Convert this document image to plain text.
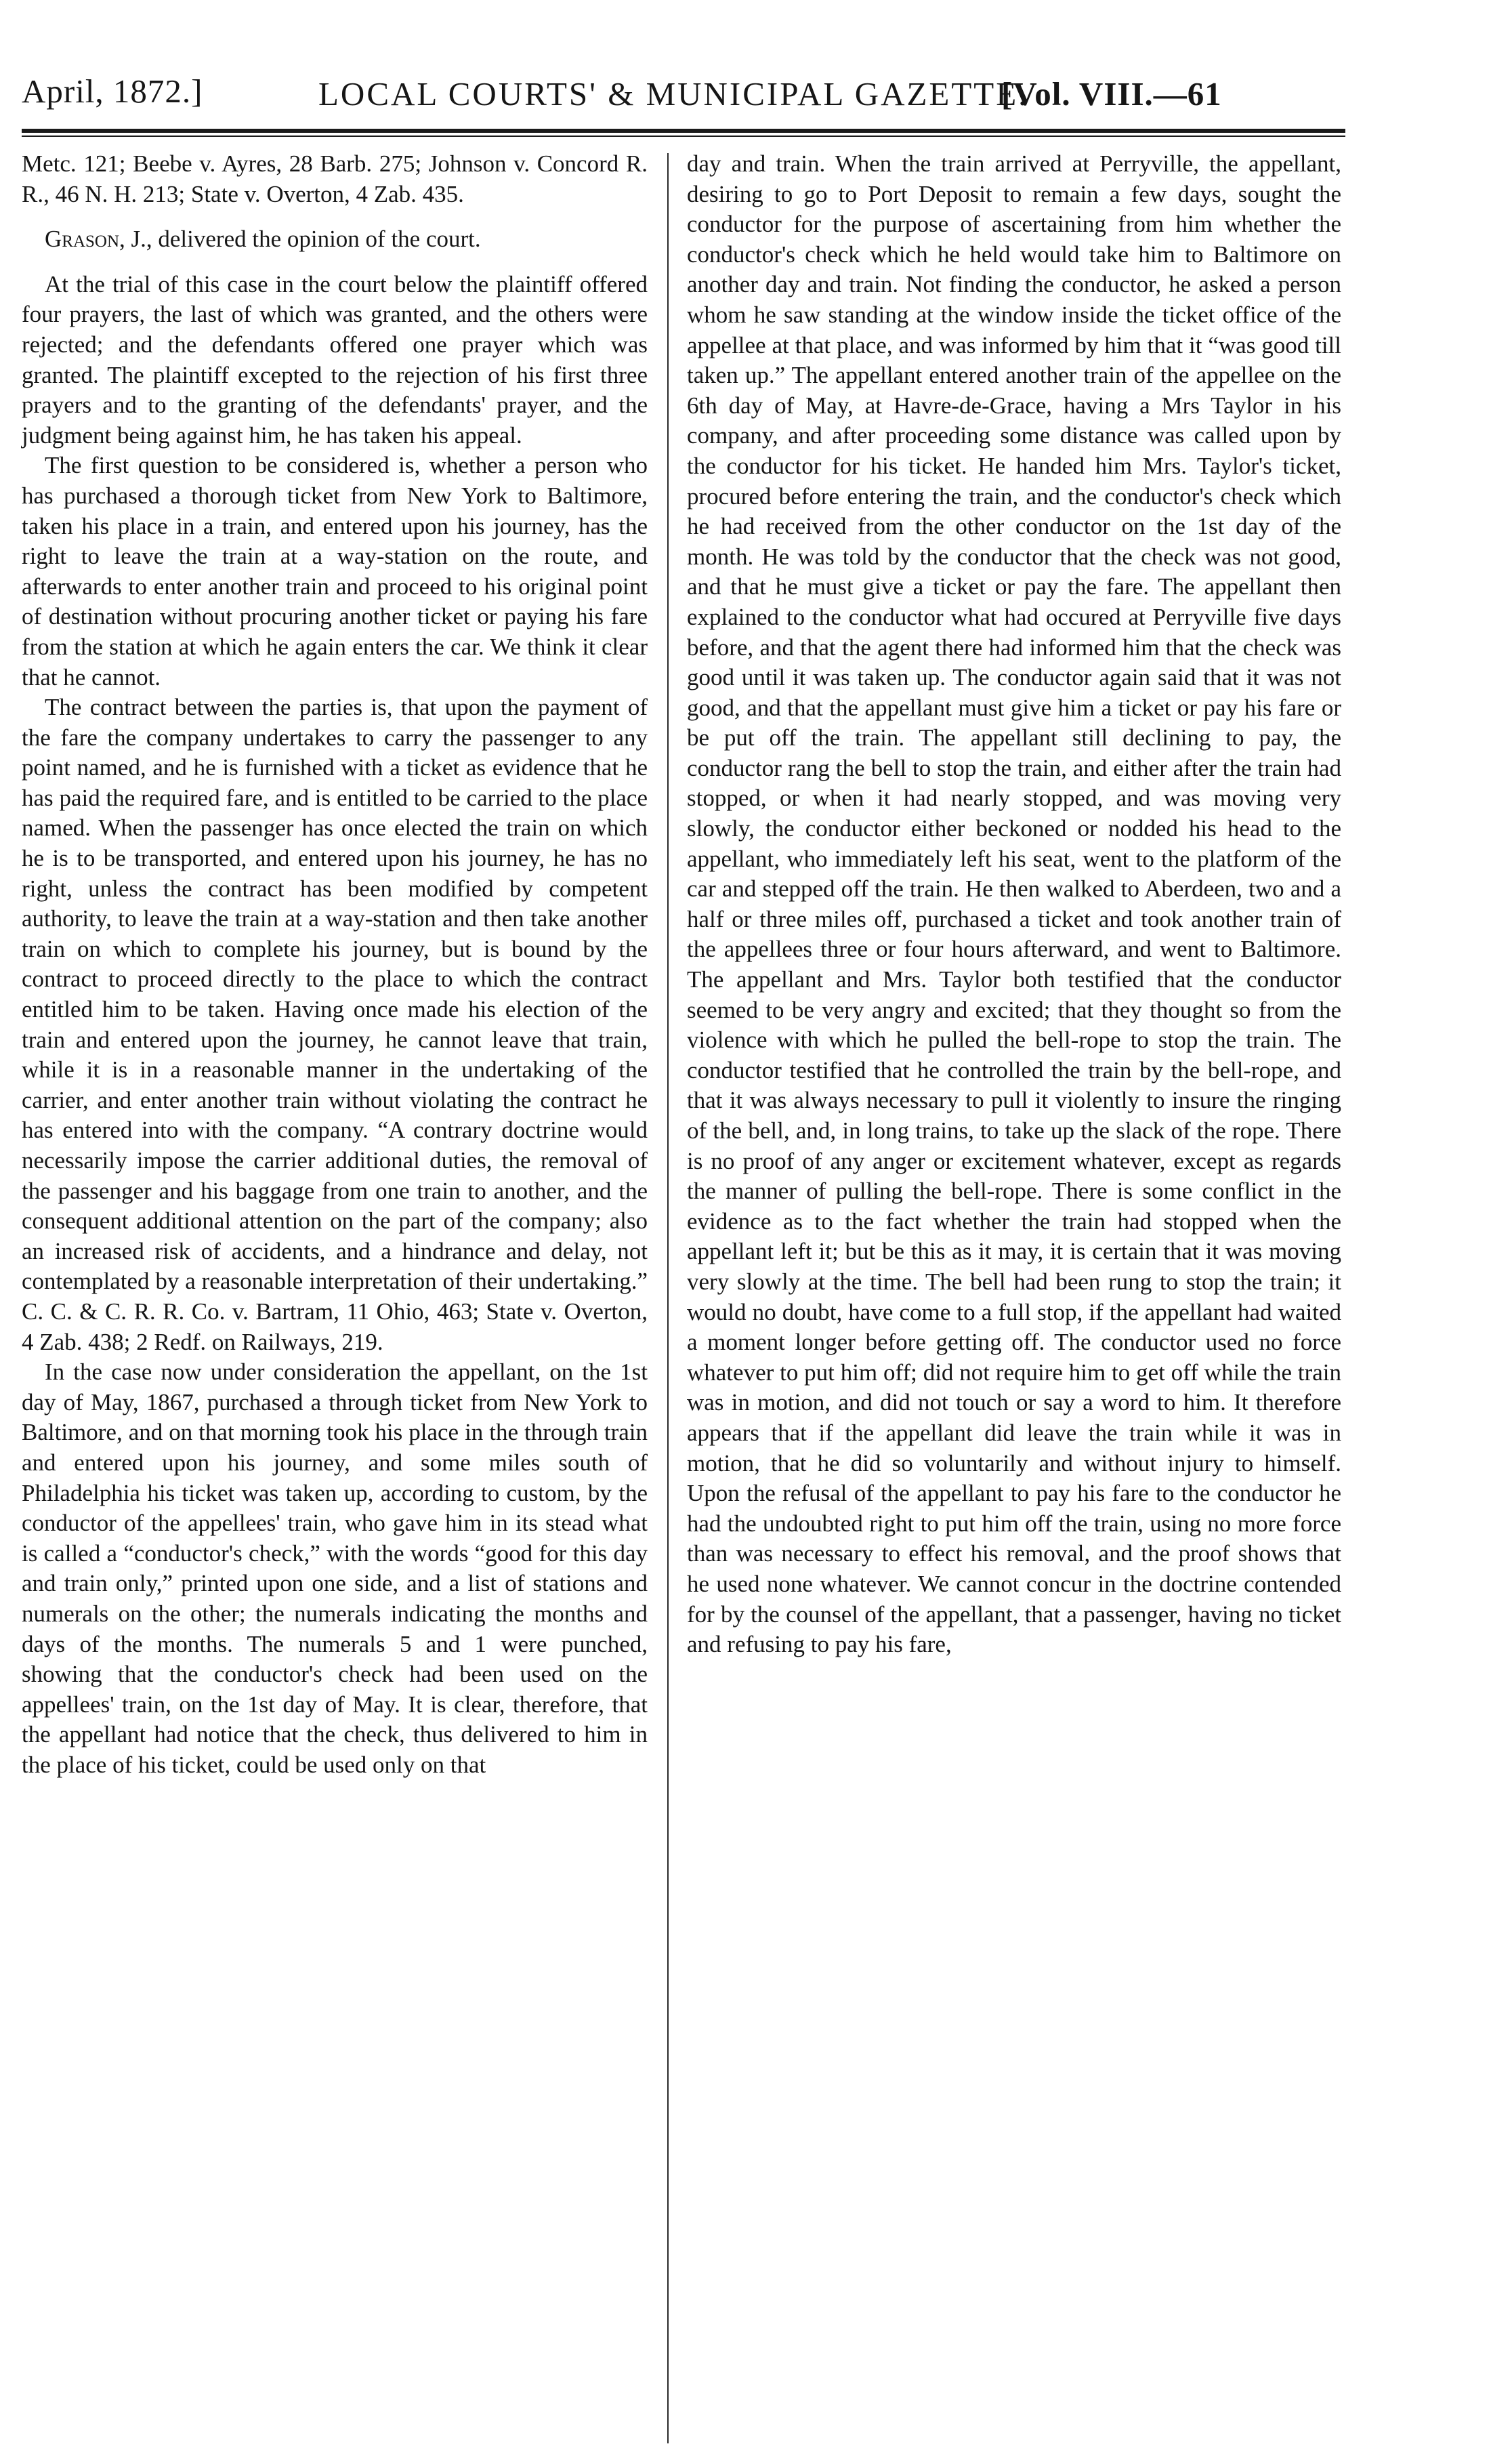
April, 1872.]	LOCAL COURTS' & MUNICIPAL GAZETTE.
[Vol. VIII.—61

Metc. 121; Beebe v. Ayres, 28 Barb. 275; Johnson v. Concord R. R., 46 N. H. 213; State v. Overton, 4 Zab. 435.

Grason, J., delivered the opinion of the court.

At the trial of this case in the court below the plaintiff offered four prayers, the last of which was granted, and the others were rejected; and the defendants offered one prayer which was granted. The plaintiff excepted to the rejection of his first three prayers and to the granting of the defendants' prayer, and the judgment being against him, he has taken his appeal.

The first question to be considered is, whether a person who has purchased a thorough ticket from New York to Baltimore, taken his place in a train, and entered upon his journey, has the right to leave the train at a way-station on the route, and afterwards to enter another train and proceed to his original point of destination without procuring another ticket or paying his fare from the station at which he again enters the car. We think it clear that he cannot.

The contract between the parties is, that upon the payment of the fare the company undertakes to carry the passenger to any point named, and he is furnished with a ticket as evidence that he has paid the required fare, and is entitled to be carried to the place named. When the passenger has once elected the train on which he is to be transported, and entered upon his journey, he has no right, unless the contract has been modified by competent authority, to leave the train at a way-station and then take another train on which to complete his journey, but is bound by the contract to proceed directly to the place to which the contract entitled him to be taken. Having once made his election of the train and entered upon the journey, he cannot leave that train, while it is in a reasonable manner in the undertaking of the carrier, and enter another train without violating the contract he has entered into with the company. “A contrary doctrine would necessarily impose the carrier additional duties, the removal of the passenger and his baggage from one train to another, and the consequent additional attention on the part of the company; also an increased risk of accidents, and a hindrance and delay, not contemplated by a reasonable interpretation of their undertaking.” C. C. & C. R. R. Co. v. Bartram, 11 Ohio, 463; State v. Overton, 4 Zab. 438; 2 Redf. on Railways, 219.

In the case now under consideration the appellant, on the 1st day of May, 1867, purchased a through ticket from New York to Baltimore, and on that morning took his place in the through train and entered upon his journey, and some miles south of Philadelphia his ticket was taken up, according to custom, by the conductor of the appellees' train, who gave him in its stead what is called a “conductor's check,” with the words “good for this day and train only,” printed upon one side, and a list of stations and numerals on the other; the numerals indicating the months and days of the months. The numerals 5 and 1 were punched, showing that the conductor's check had been used on the appellees' train, on the 1st day of May. It is clear, therefore, that the appellant had notice that the check, thus delivered to him in the place of his ticket, could be used only on that

day and train. When the train arrived at Perryville, the appellant, desiring to go to Port Deposit to remain a few days, sought the conductor for the purpose of ascertaining from him whether the conductor's check which he held would take him to Baltimore on another day and train. Not finding the conductor, he asked a person whom he saw standing at the window inside the ticket office of the appellee at that place, and was informed by him that it “was good till taken up.” The appellant entered another train of the appellee on the 6th day of May, at Havre-de-Grace, having a Mrs Taylor in his company, and after proceeding some distance was called upon by the conductor for his ticket. He handed him Mrs. Taylor's ticket, procured before entering the train, and the conductor's check which he had received from the other conductor on the 1st day of the month. He was told by the conductor that the check was not good, and that he must give a ticket or pay the fare. The appellant then explained to the conductor what had occured at Perryville five days before, and that the agent there had informed him that the check was good until it was taken up. The conductor again said that it was not good, and that the appellant must give him a ticket or pay his fare or be put off the train. The appellant still declining to pay, the conductor rang the bell to stop the train, and either after the train had stopped, or when it had nearly stopped, and was moving very slowly, the conductor either beckoned or nodded his head to the appellant, who immediately left his seat, went to the platform of the car and stepped off the train. He then walked to Aberdeen, two and a half or three miles off, purchased a ticket and took another train of the appellees three or four hours afterward, and went to Baltimore. The appellant and Mrs. Taylor both testified that the conductor seemed to be very angry and excited; that they thought so from the violence with which he pulled the bell-rope to stop the train. The conductor testified that he controlled the train by the bell-rope, and that it was always necessary to pull it violently to insure the ringing of the bell, and, in long trains, to take up the slack of the rope. There is no proof of any anger or excitement whatever, except as regards the manner of pulling the bell-rope. There is some conflict in the evidence as to the fact whether the train had stopped when the appellant left it; but be this as it may, it is certain that it was moving very slowly at the time. The bell had been rung to stop the train; it would no doubt, have come to a full stop, if the appellant had waited a moment longer before getting off. The conductor used no force whatever to put him off; did not require him to get off while the train was in motion, and did not touch or say a word to him. It therefore appears that if the appellant did leave the train while it was in motion, that he did so voluntarily and without injury to himself. Upon the refusal of the appellant to pay his fare to the conductor he had the undoubted right to put him off the train, using no more force than was necessary to effect his removal, and the proof shows that he used none whatever. We cannot concur in the doctrine contended for by the counsel of the appellant, that a passenger, having no ticket and refusing to pay his fare,
